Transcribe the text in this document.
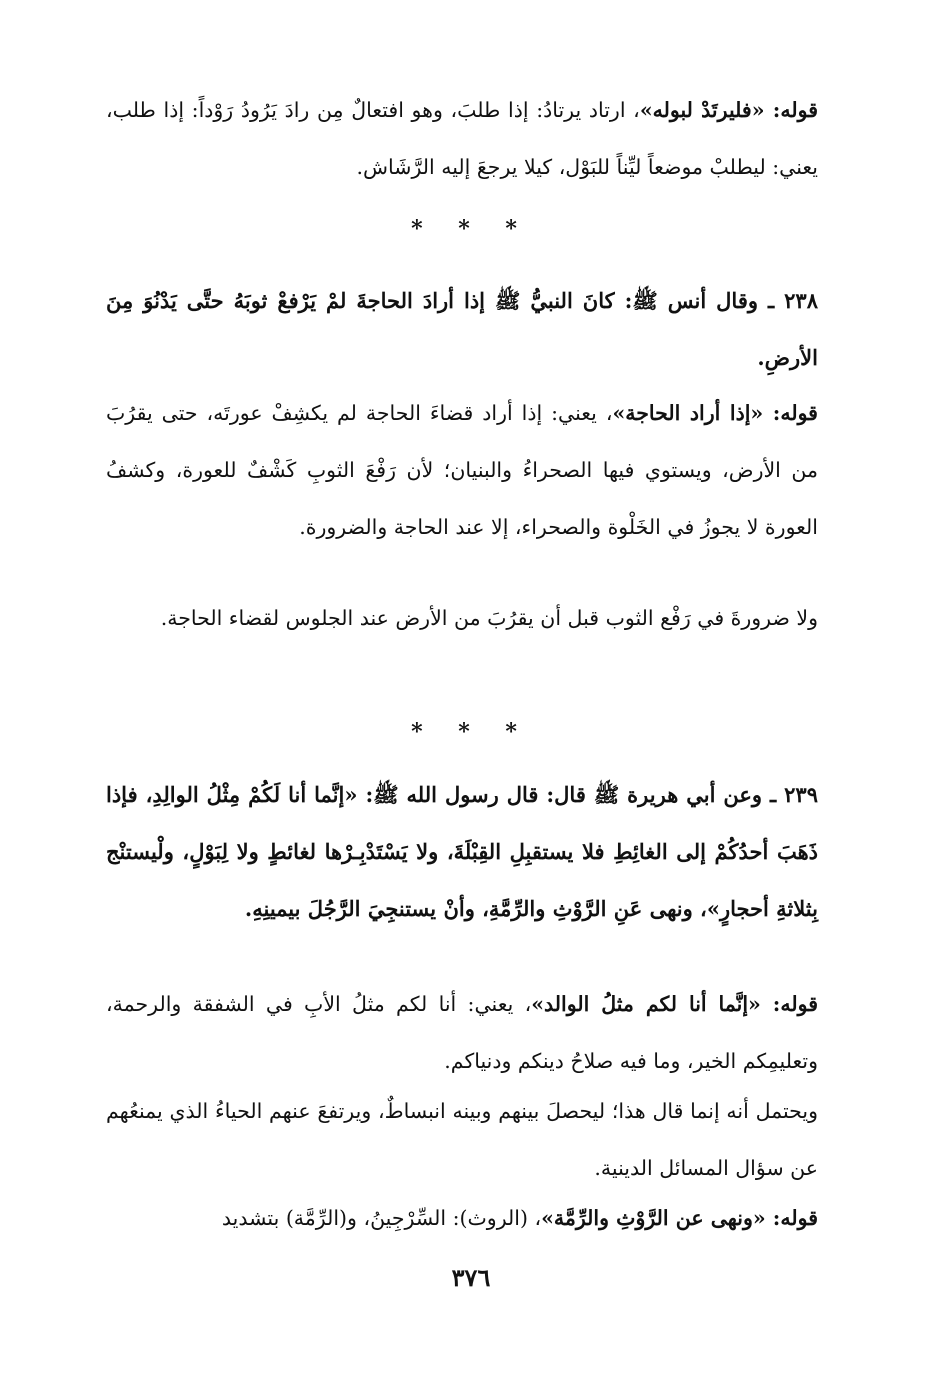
قوله: «فليرتَدْ لبوله»، ارتاد يرتادُ: إذا طلبَ، وهو افتعالٌ مِن رادَ يَرُودُ رَوْداً: إذا طلب، يعني: ليطلبْ موضعاً ليِّناً للبَوْل، كيلا يرجعَ إليه الرَّشَاش.

* * *

٢٣٨ ـ وقال أنس ﷺ: كانَ النبيُّ ﷺ إذا أرادَ الحاجةَ لمْ يَرْفعْ ثوبَهُ حتَّى يَدْنُوَ مِنَ الأرضِ.

قوله: «إذا أراد الحاجة»، يعني: إذا أراد قضاءَ الحاجة لم يكشِفْ عورتَه، حتى يقرُبَ من الأرض، ويستوي فيها الصحراءُ والبنيان؛ لأن رَفْعَ الثوبِ كَشْفٌ للعورة، وكشفُ العورة لا يجوزُ في الخَلْوة والصحراء، إلا عند الحاجة والضرورة.

ولا ضرورةَ في رَفْع الثوب قبل أن يقرُبَ من الأرض عند الجلوس لقضاء الحاجة.

* * *

٢٣٩ ـ وعن أبي هريرة ﷺ قال: قال رسول الله ﷺ: «إنَّما أنا لَكُمْ مِثْلُ الوالِدِ، فإذا ذَهَبَ أحدُكُمْ إلى الغائِطِ فلا يستقبِلِ القِبْلَةَ، ولا يَسْتَدْبِـرْها لغائطٍ ولا لِبَوْلٍ، ولْيستنْج بِثلاثةِ أحجارٍ»، ونهى عَنِ الرَّوْثِ والرِّمَّةِ، وأنْ يستنجِيَ الرَّجُلَ بيمينِهِ.

قوله: «إنَّما أنا لكم مثلُ الوالد»، يعني: أنا لكم مثلُ الأبِ في الشفقة والرحمة، وتعليمِكم الخير، وما فيه صلاحُ دينكم ودنياكم.

ويحتمل أنه إنما قال هذا؛ ليحصلَ بينهم وبينه انبساطٌ، ويرتفعَ عنهم الحياءُ الذي يمنعُهم عن سؤال المسائل الدينية.

قوله: «ونهى عن الرَّوْثِ والرِّمَّة»، (الروث): السِّرْجِينُ، و(الرِّمَّة) بتشديد

٣٧٦
